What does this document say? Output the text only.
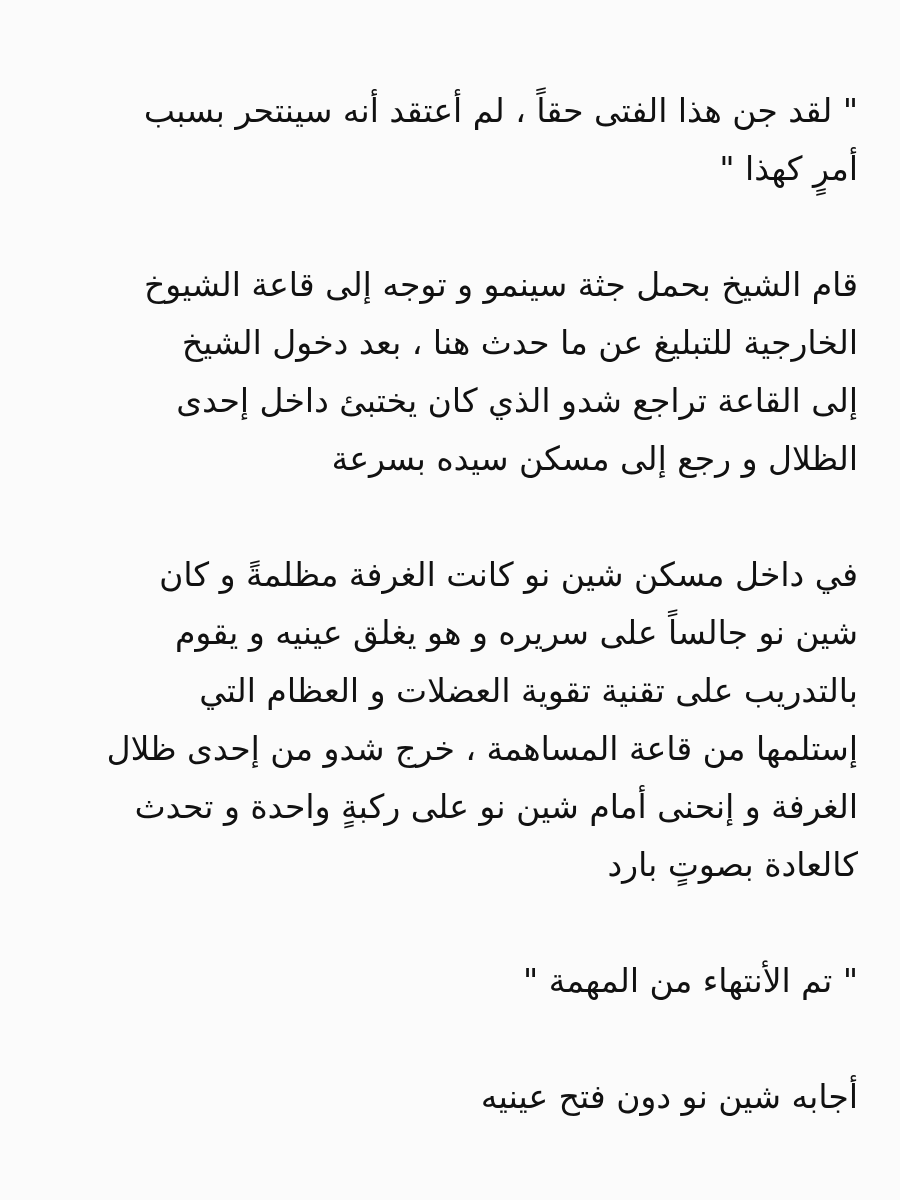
" لقد جن هذا الفتى حقاً ، لم أعتقد أنه سينتحر بسبب
أمرٍ كهذا "
قام الشيخ بحمل جثة سينمو و توجه إلى قاعة الشيوخ
الخارجية للتبليغ عن ما حدث هنا ، بعد دخول الشيخ
إلى القاعة تراجع شدو الذي كان يختبئ داخل إحدى
الظلال و رجع إلى مسكن سيده بسرعة
في داخل مسكن شين نو كانت الغرفة مظلمةً و كان
شين نو جالساً على سريره و هو يغلق عينيه و يقوم
بالتدريب على تقنية تقوية العضلات و العظام التي
إستلمها من قاعة المساهمة ، خرج شدو من إحدى ظلال
الغرفة و إنحنى أمام شين نو على ركبةٍ واحدة و تحدث
كالعادة بصوتٍ بارد
" تم الأنتهاء من المهمة "
أجابه شين نو دون فتح عينيه
